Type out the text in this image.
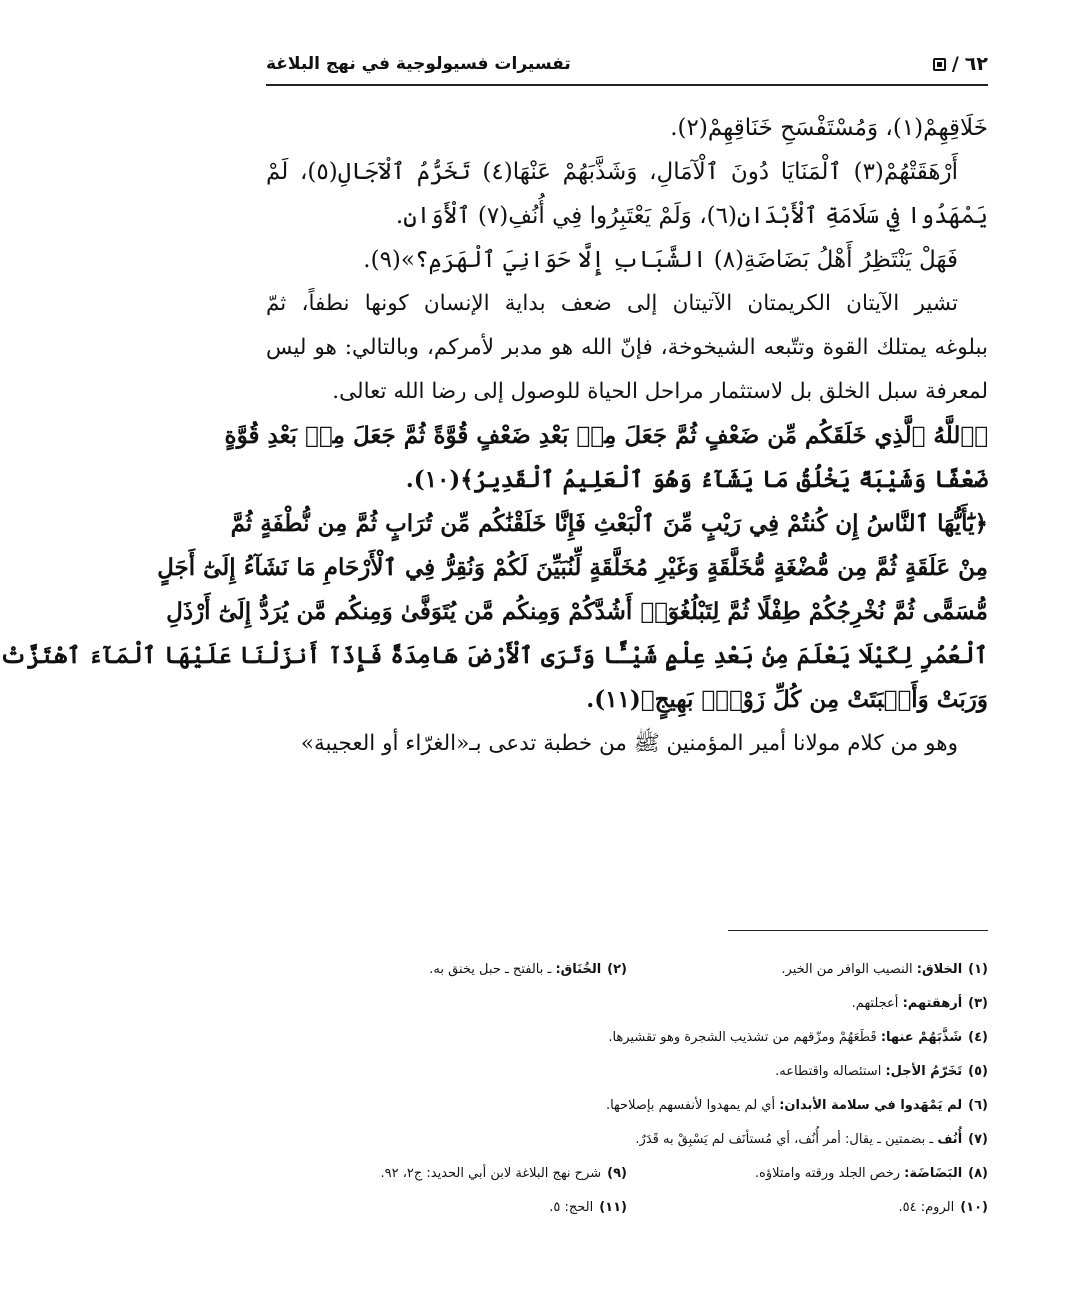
٦٢
/
تفسيرات فسيولوجية في نهج البلاغة
خَلَاقِهِمْ(١)، وَمُسْتَفْسَحِ خَنَاقِهِمْ(٢).
أَرْهَقَتْهُمْ(٣) ٱلْمَنَايَا دُونَ ٱلْآمَالِ، وَشَذَّبَهُمْ عَنْهَا(٤) تَخَرُّمُ ٱلْآجَالِ(٥)، لَمْ
يَمْهَدُوا فِي سَلَامَةِ ٱلْأَبْدَانِ(٦)، وَلَمْ يَعْتَبِرُوا فِي أُنُفِ(٧) ٱلْأَوَانِ.
فَهَلْ يَنْتَظِرُ أَهْلُ بَضَاضَةِ(٨) الشَّبَابِ إِلَّا حَوَانِيَ ٱلْهَرَمِ؟»(٩).
تشير الآيتان الكريمتان الآتيتان إلى ضعف بداية الإنسان كونها نطفاً، ثمّ
ببلوغه يمتلك القوة وتتّبعه الشيخوخة، فإنّ الله هو مدبر لأمركم، وبالتالي: هو ليس
لمعرفة سبل الخلق بل لاستثمار مراحل الحياة للوصول إلى رضا الله تعالى.
﴿ٱللَّهُ ٱلَّذِي خَلَقَكُم مِّن ضَعْفٍ ثُمَّ جَعَلَ مِنۢ بَعْدِ ضَعْفٍ قُوَّةً ثُمَّ جَعَلَ مِنۢ بَعْدِ قُوَّةٍ
ضَعْفًا وَشَيْبَةً يَخْلُقُ مَا يَشَآءُ وَهُوَ ٱلْعَلِيمُ ٱلْقَدِيرُ﴾(١٠).
﴿يَٰٓأَيُّهَا ٱلنَّاسُ إِن كُنتُمْ فِي رَيْبٍ مِّنَ ٱلْبَعْثِ فَإِنَّا خَلَقْنَٰكُم مِّن تُرَابٍ ثُمَّ مِن نُّطْفَةٍ ثُمَّ
مِنْ عَلَقَةٍ ثُمَّ مِن مُّضْغَةٍ مُّخَلَّقَةٍ وَغَيْرِ مُخَلَّقَةٍ لِّنُبَيِّنَ لَكُمْ وَنُقِرُّ فِي ٱلْأَرْحَامِ مَا نَشَآءُ إِلَىٰٓ أَجَلٍ
مُّسَمًّى ثُمَّ نُخْرِجُكُمْ طِفْلًا ثُمَّ لِتَبْلُغُوٓا۟ أَشُدَّكُمْ وَمِنكُم مَّن يُتَوَفَّىٰ وَمِنكُم مَّن يُرَدُّ إِلَىٰٓ أَرْذَلِ
ٱلْعُمُرِ لِكَيْلَا يَعْلَمَ مِنۢ بَعْدِ عِلْمٍ شَيْـًٔا وَتَرَى ٱلْأَرْضَ هَامِدَةً فَإِذَآ أَنزَلْنَا عَلَيْهَا ٱلْمَآءَ ٱهْتَزَّتْ
وَرَبَتْ وَأَنۢبَتَتْ مِن كُلِّ زَوْجٍۭ بَهِيجٍ﴾(١١).
وهو من كلام مولانا أمير المؤمنين ﷺ من خطبة تدعى بـ«الغرّاء أو العجيبة»
(١)الخلاق: النصيب الوافر من الخير.
(٢)الخُنَاق: ـ بالفتح ـ حبل يخنق به.
(٣)أرهقتهم: أعجلتهم.
(٤)شَذَّبَهُمْ عنها: قَطَعَهُمْ ومزّقهم من تشذيب الشجرة وهو تقشيرها.
(٥)تَخَرّمُ الأجل: استئصاله واقتطاعه.
(٦)لم يَمْهَدوا في سلامة الأبدان: أي لم يمهدوا لأنفسهم بإصلاحها.
(٧)أُنُف ـ بضمتين ـ يقال: أمر أُنُف، أي مُستأنَف لم يَسْبِقْ به قَدَرٌ.
(٨)البَضَاضَة: رخص الجلد ورقته وامتلاؤه.
(٩)شرح نهج البلاغة لابن أبي الحديد: ج٢، ٩٢.
(١٠)الروم: ٥٤.
(١١)الحج: ٥.
